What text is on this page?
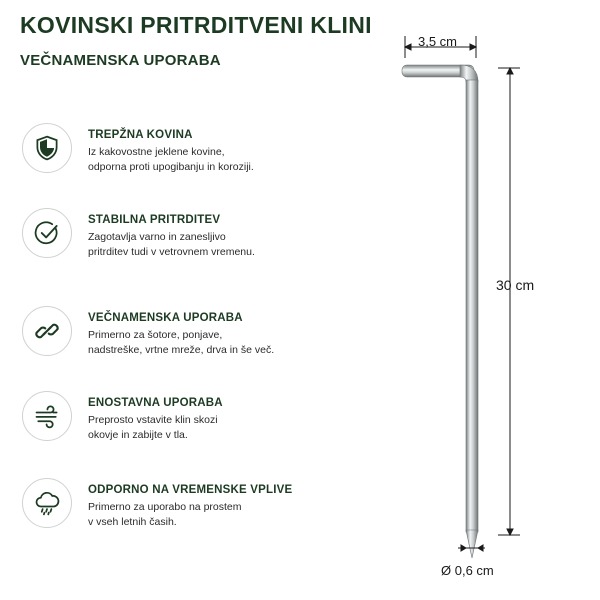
KOVINSKI PRITRDITVENI KLINI
VEČNAMENSKA UPORABA
TREPŽNA KOVINA
Iz kakovostne jeklene kovine,
odporna proti upogibanju in koroziji.
STABILNA PRITRDITEV
Zagotavlja varno in zanesljivo
pritrditev tudi v vetrovnem vremenu.
VEČNAMENSKA UPORABA
Primerno za šotore, ponjave,
nadstreške, vrtne mreže, drva in še več.
ENOSTAVNA UPORABA
Preprosto vstavite klin skozi
okovje in zabijte v tla.
ODPORNO NA VREMENSKE VPLIVE
Primerno za uporabo na prostem
v vseh letnih časih.
3,5 cm
30 cm
Ø 0,6 cm
